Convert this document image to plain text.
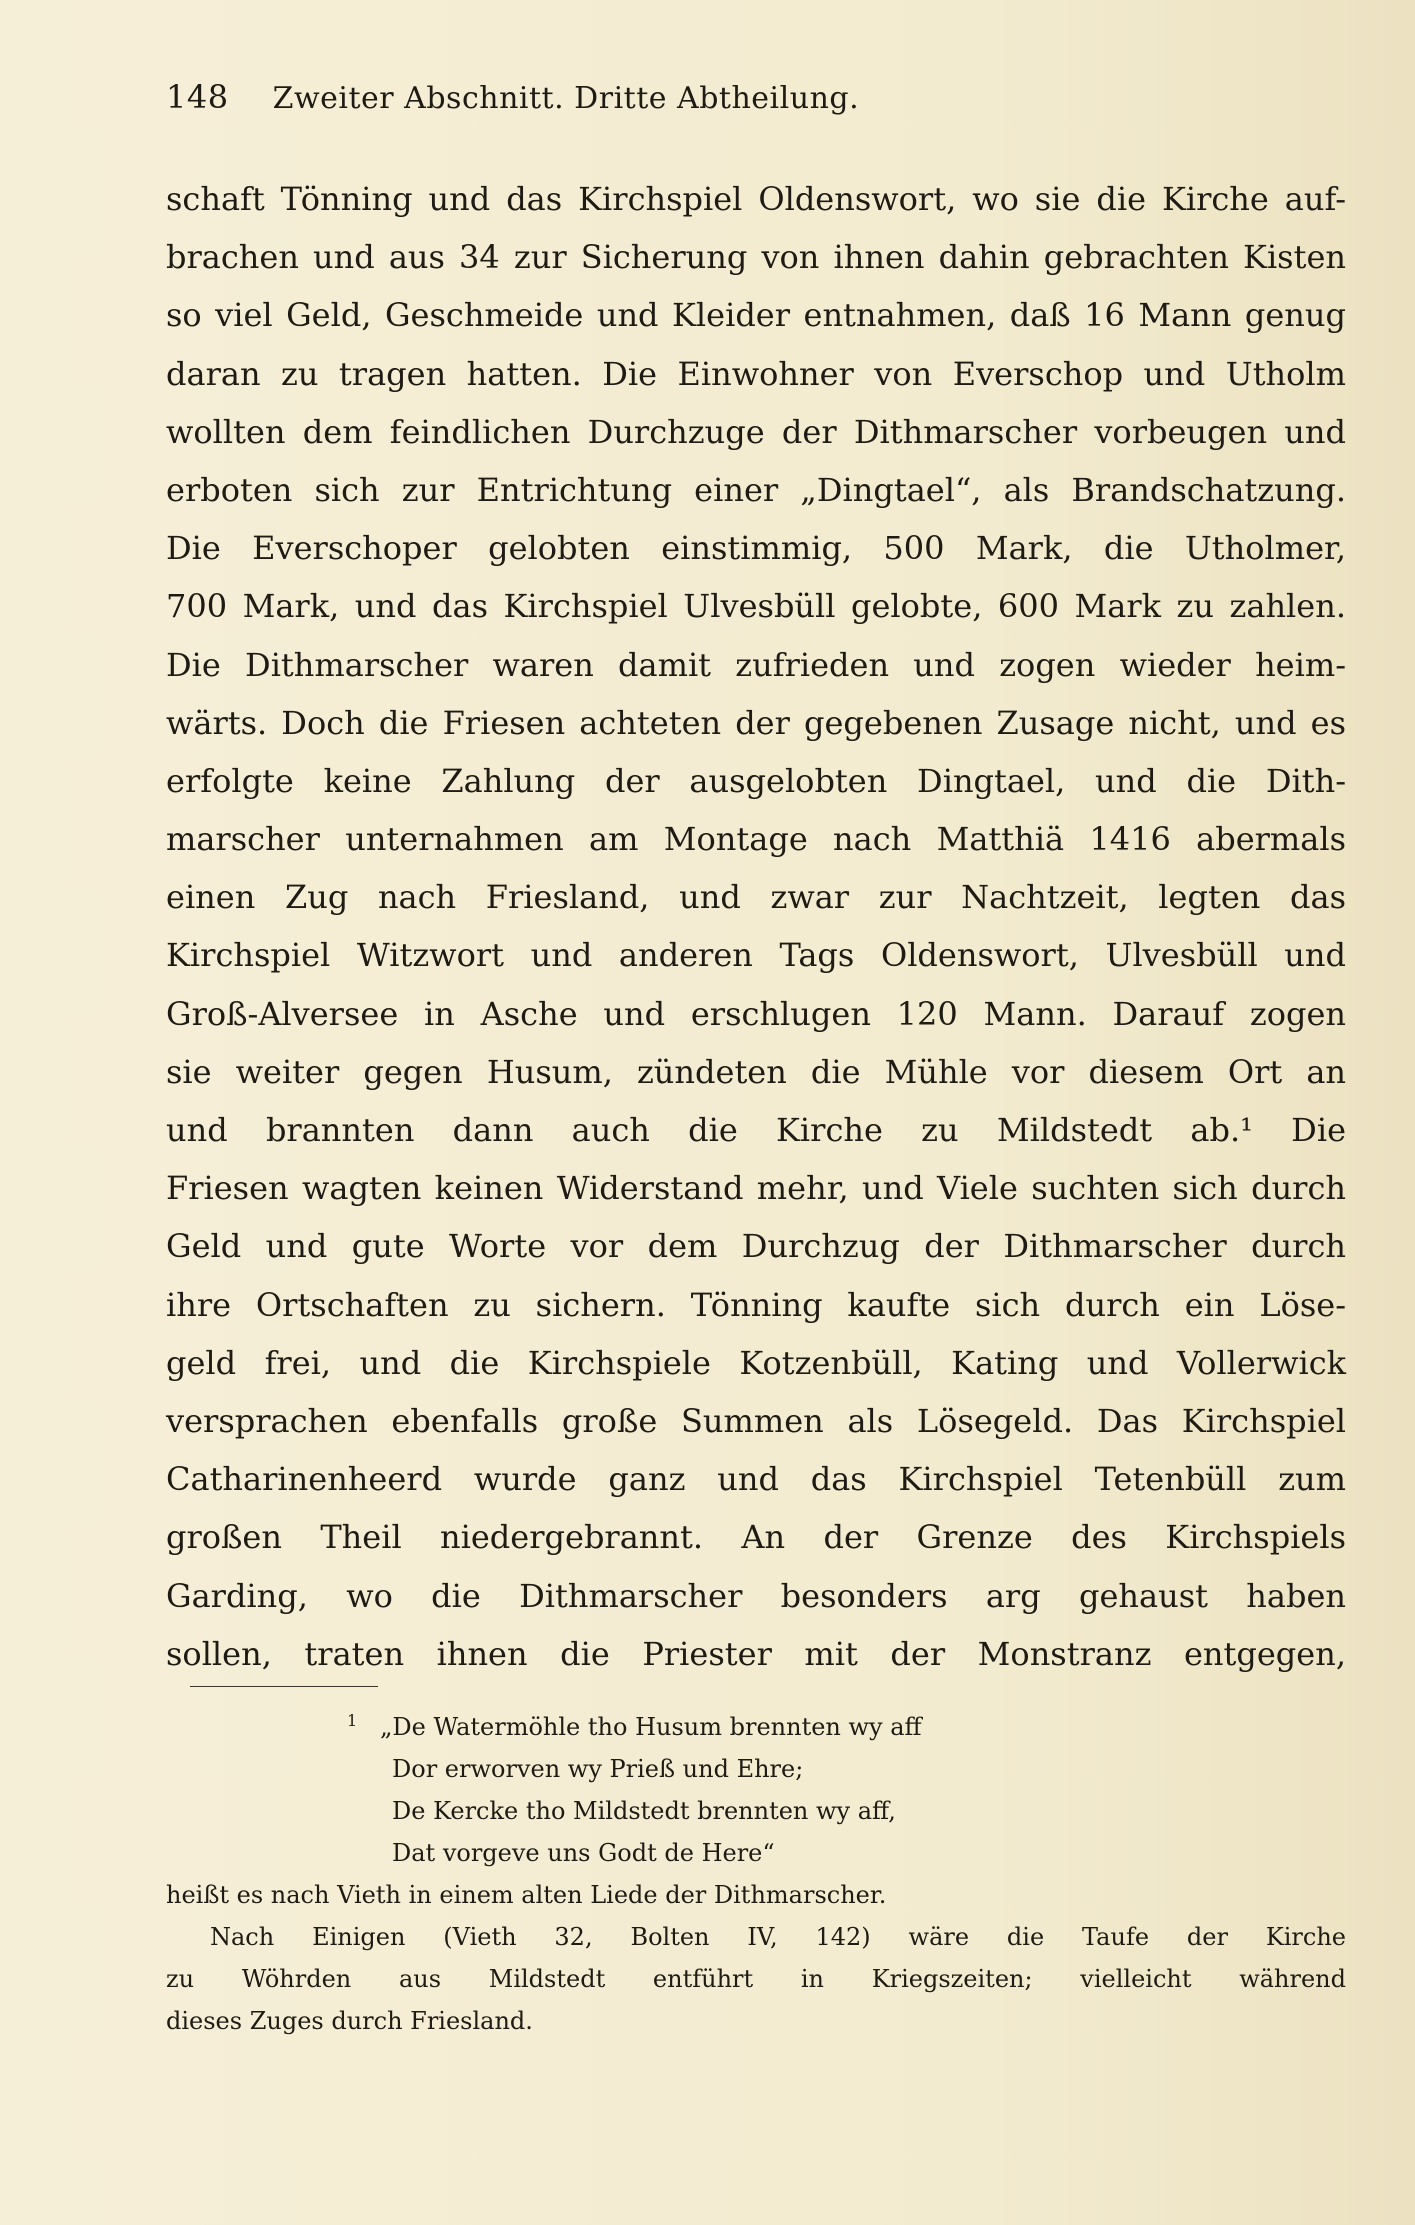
148 Zweiter Abschnitt. Dritte Abtheilung.
schaft Tönning und das Kirchspiel Oldenswort, wo sie die Kirche auf-
brachen und aus 34 zur Sicherung von ihnen dahin gebrachten Kisten
so viel Geld, Geschmeide und Kleider entnahmen, daß 16 Mann genug
daran zu tragen hatten. Die Einwohner von Everschop und Utholm
wollten dem feindlichen Durchzuge der Dithmarscher vorbeugen und
erboten sich zur Entrichtung einer „Dingtael“, als Brandschatzung.
Die Everschoper gelobten einstimmig, 500 Mark, die Utholmer,
700 Mark, und das Kirchspiel Ulvesbüll gelobte, 600 Mark zu zahlen.
Die Dithmarscher waren damit zufrieden und zogen wieder heim-
wärts. Doch die Friesen achteten der gegebenen Zusage nicht, und es
erfolgte keine Zahlung der ausgelobten Dingtael, und die Dith-
marscher unternahmen am Montage nach Matthiä 1416 abermals
einen Zug nach Friesland, und zwar zur Nachtzeit, legten das
Kirchspiel Witzwort und anderen Tags Oldenswort, Ulvesbüll und
Groß-Alversee in Asche und erschlugen 120 Mann. Darauf zogen
sie weiter gegen Husum, zündeten die Mühle vor diesem Ort an
und brannten dann auch die Kirche zu Mildstedt ab.¹ Die
Friesen wagten keinen Widerstand mehr, und Viele suchten sich durch
Geld und gute Worte vor dem Durchzug der Dithmarscher durch
ihre Ortschaften zu sichern. Tönning kaufte sich durch ein Löse-
geld frei, und die Kirchspiele Kotzenbüll, Kating und Vollerwick
versprachen ebenfalls große Summen als Lösegeld. Das Kirchspiel
Catharinenheerd wurde ganz und das Kirchspiel Tetenbüll zum
großen Theil niedergebrannt. An der Grenze des Kirchspiels
Garding, wo die Dithmarscher besonders arg gehaust haben
sollen, traten ihnen die Priester mit der Monstranz entgegen,
1 „De Watermöhle tho Husum brennten wy aff
Dor erworven wy Prieß und Ehre;
De Kercke tho Mildstedt brennten wy aff,
Dat vorgeve uns Godt de Here“
heißt es nach Vieth in einem alten Liede der Dithmarscher.
Nach Einigen (Vieth 32, Bolten IV, 142) wäre die Taufe der Kirche
zu Wöhrden aus Mildstedt entführt in Kriegszeiten; vielleicht während
dieses Zuges durch Friesland.
